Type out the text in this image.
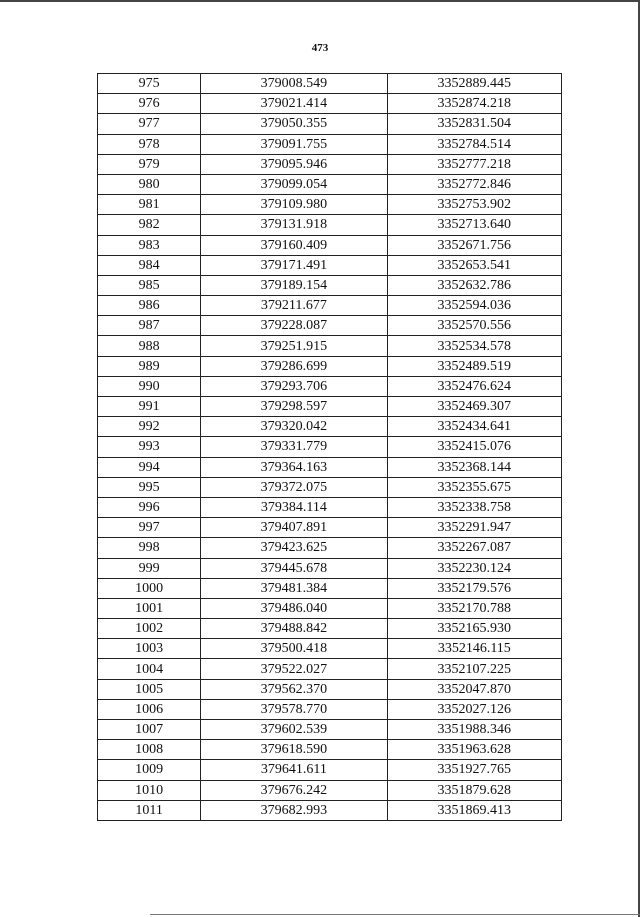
473
975	379008.549	3352889.445
976	379021.414	3352874.218
977	379050.355	3352831.504
978	379091.755	3352784.514
979	379095.946	3352777.218
980	379099.054	3352772.846
981	379109.980	3352753.902
982	379131.918	3352713.640
983	379160.409	3352671.756
984	379171.491	3352653.541
985	379189.154	3352632.786
986	379211.677	3352594.036
987	379228.087	3352570.556
988	379251.915	3352534.578
989	379286.699	3352489.519
990	379293.706	3352476.624
991	379298.597	3352469.307
992	379320.042	3352434.641
993	379331.779	3352415.076
994	379364.163	3352368.144
995	379372.075	3352355.675
996	379384.114	3352338.758
997	379407.891	3352291.947
998	379423.625	3352267.087
999	379445.678	3352230.124
1000	379481.384	3352179.576
1001	379486.040	3352170.788
1002	379488.842	3352165.930
1003	379500.418	3352146.115
1004	379522.027	3352107.225
1005	379562.370	3352047.870
1006	379578.770	3352027.126
1007	379602.539	3351988.346
1008	379618.590	3351963.628
1009	379641.611	3351927.765
1010	379676.242	3351879.628
1011	379682.993	3351869.413
